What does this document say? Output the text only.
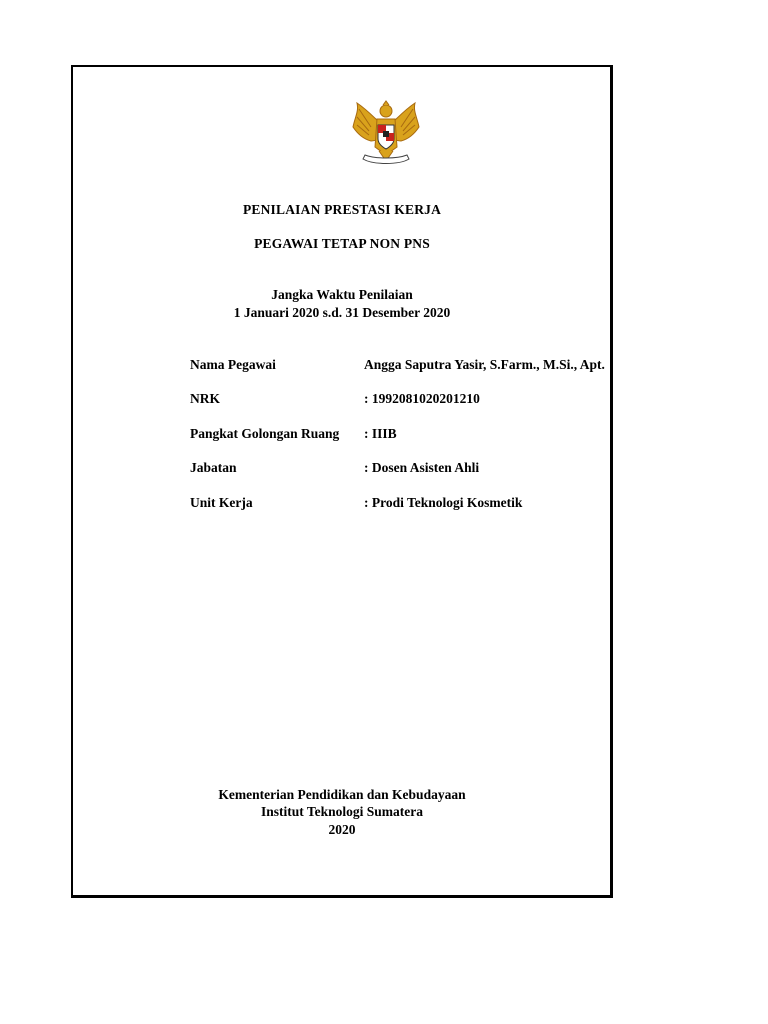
PENILAIAN PRESTASI KERJA
PEGAWAI TETAP NON PNS
Jangka Waktu Penilaian
1 Januari 2020 s.d. 31 Desember 2020
Nama Pegawai	Angga Saputra Yasir, S.Farm., M.Si., Apt.
NRK	: 1992081020201210
Pangkat Golongan Ruang : IIIB
Jabatan	: Dosen Asisten Ahli
Unit Kerja	: Prodi Teknologi Kosmetik
Kementerian Pendidikan dan Kebudayaan
Institut Teknologi Sumatera
2020
